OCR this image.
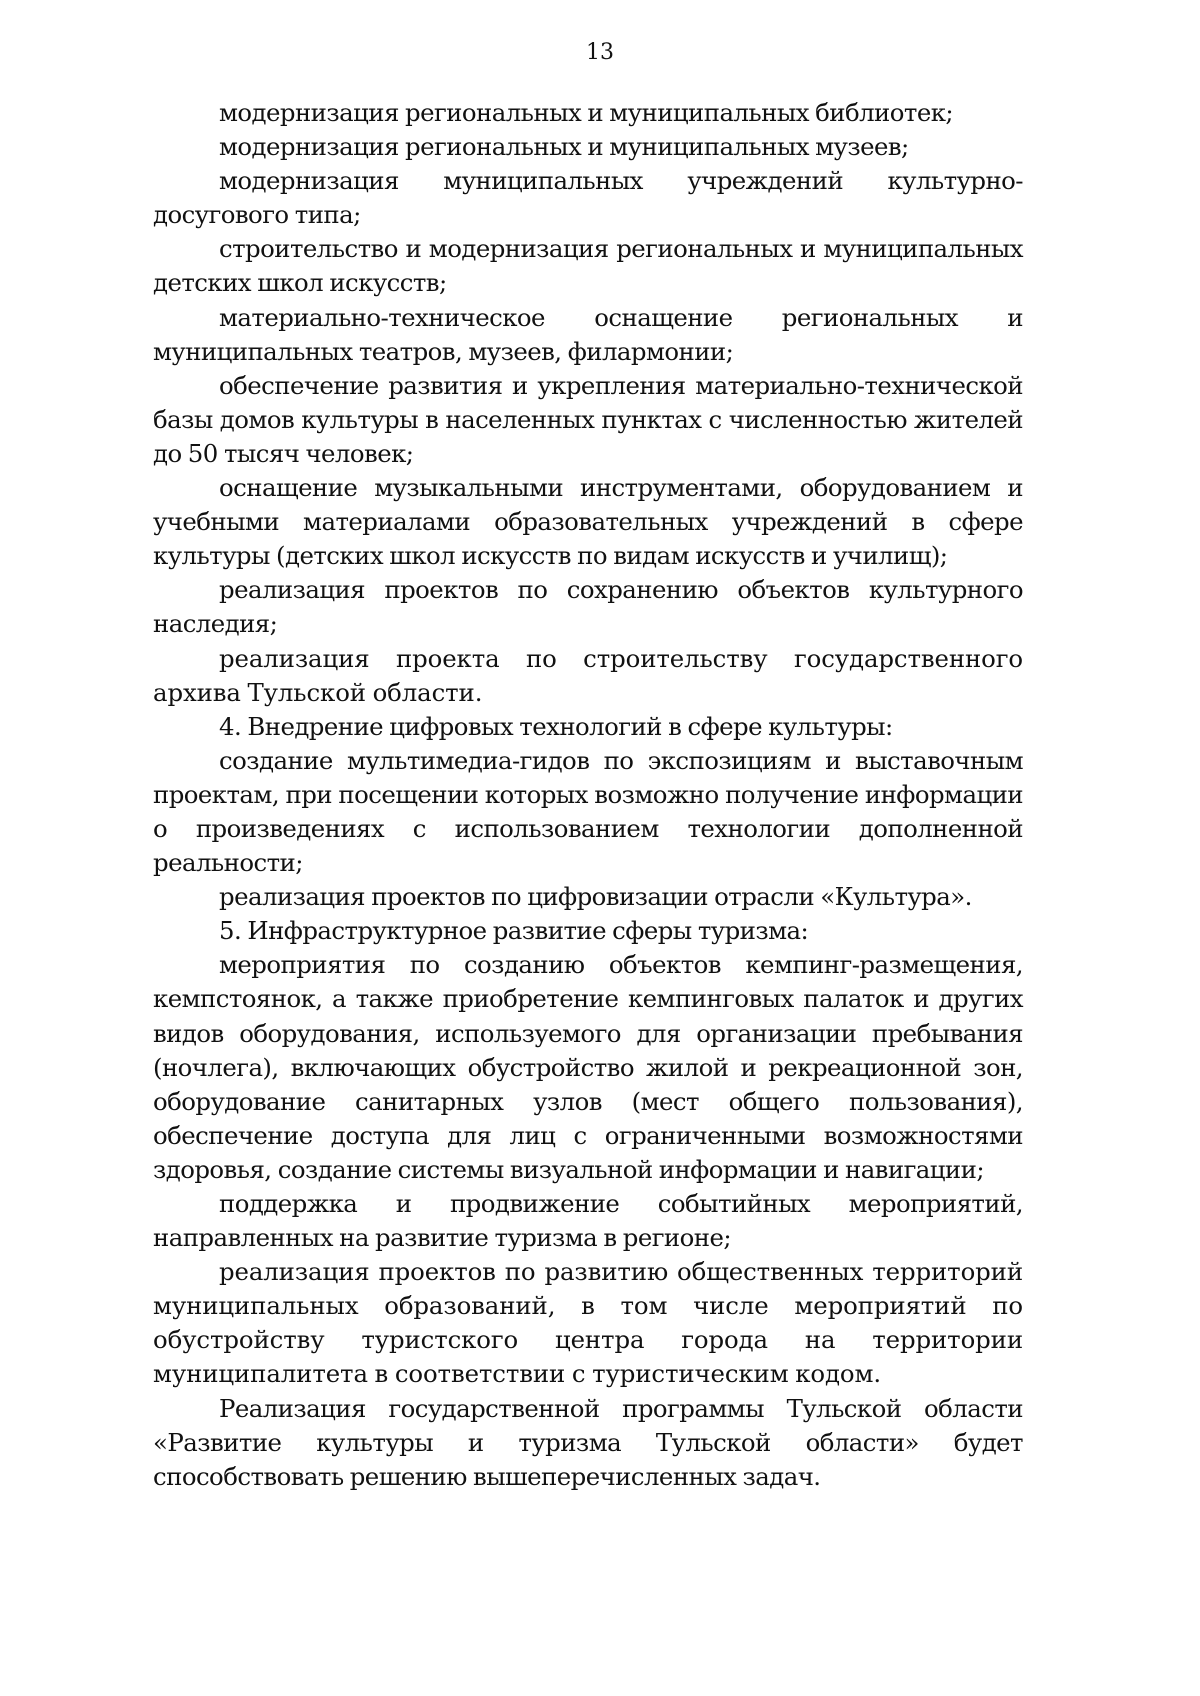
13

модернизация региональных и муниципальных библиотек;

модернизация региональных и муниципальных музеев;

модернизация муниципальных учреждений культурно-досугового типа;

строительство и модернизация региональных и муниципальных детских школ искусств;

материально-техническое оснащение региональных и муниципальных театров, музеев, филармонии;

обеспечение развития и укрепления материально-технической базы домов культуры в населенных пунктах с численностью жителей до 50 тысяч человек;

оснащение музыкальными инструментами, оборудованием и учебными материалами образовательных учреждений в сфере культуры (детских школ искусств по видам искусств и училищ);

реализация проектов по сохранению объектов культурного наследия;

реализация проекта по строительству государственного архива Тульской области.

4. Внедрение цифровых технологий в сфере культуры:

создание мультимедиа-гидов по экспозициям и выставочным проектам, при посещении которых возможно получение информации о произведениях с использованием технологии дополненной реальности;

реализация проектов по цифровизации отрасли «Культура».

5. Инфраструктурное развитие сферы туризма:

мероприятия по созданию объектов кемпинг-размещения, кемпстоянок, а также приобретение кемпинговых палаток и других видов оборудования, используемого для организации пребывания (ночлега), включающих обустройство жилой и рекреационной зон, оборудование санитарных узлов (мест общего пользования), обеспечение доступа для лиц с ограниченными возможностями здоровья, создание системы визуальной информации и навигации;

поддержка и продвижение событийных мероприятий, направленных на развитие туризма в регионе;

реализация проектов по развитию общественных территорий муниципальных образований, в том числе мероприятий по обустройству туристского центра города на территории муниципалитета в соответствии с туристическим кодом.

Реализация государственной программы Тульской области «Развитие культуры и туризма Тульской области» будет способствовать решению вышеперечисленных задач.
